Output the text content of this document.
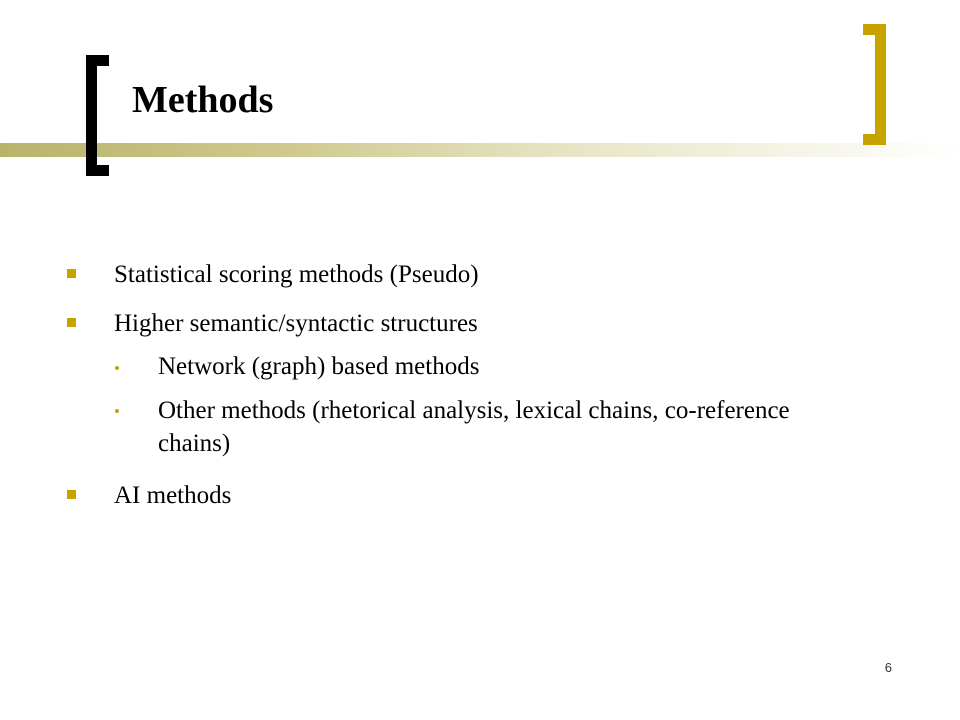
Methods
Statistical scoring methods (Pseudo)
Higher semantic/syntactic structures
Network (graph) based methods
Other methods (rhetorical analysis, lexical chains, co-reference chains)
AI methods
6
